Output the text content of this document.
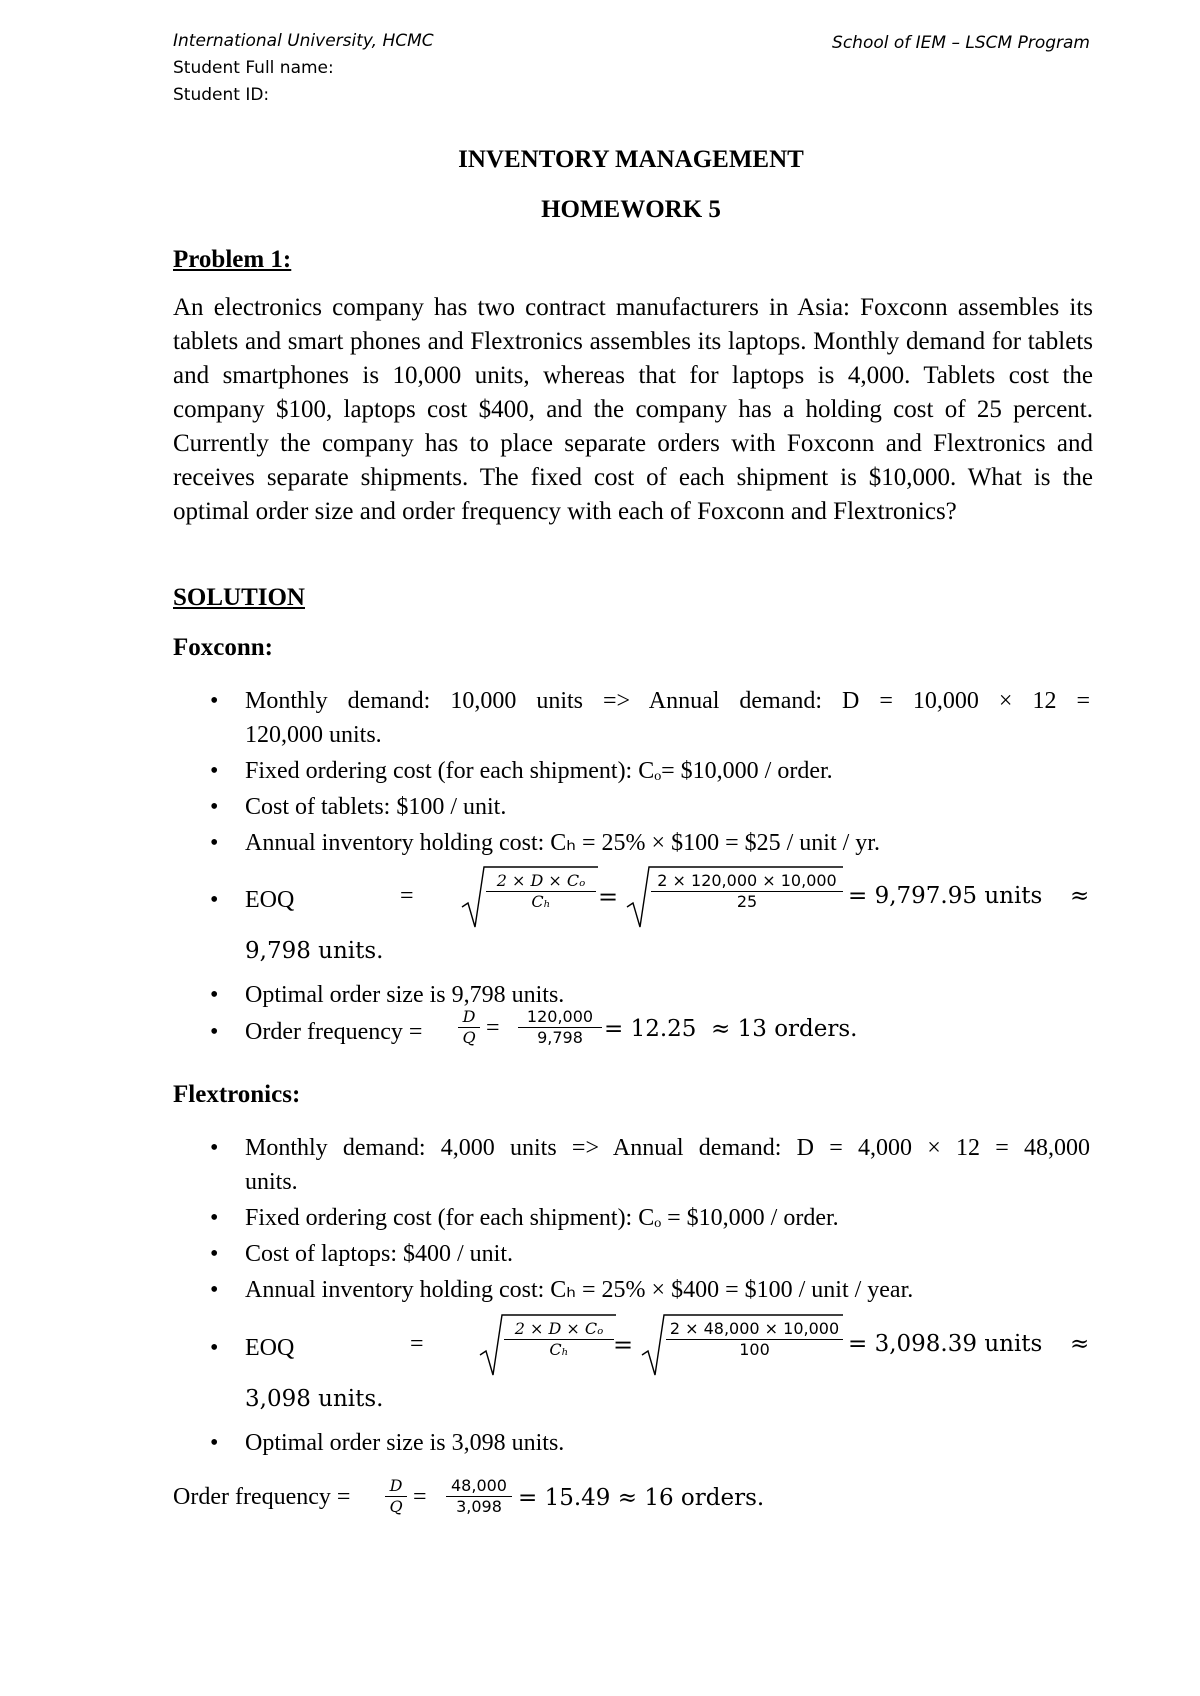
International University, HCMC	School of IEM – LSCM Program
Student Full name:
Student ID:
INVENTORY MANAGEMENT
HOMEWORK 5
Problem 1:

An electronics company has two contract manufacturers in Asia: Foxconn assembles its tablets and smart phones and Flextronics assembles its laptops. Monthly demand for tablets and smartphones is 10,000 units, whereas that for laptops is 4,000. Tablets cost the company $100, laptops cost $400, and the company has a holding cost of 25 percent. Currently the company has to place separate orders with Foxconn and Flextronics and receives separate shipments. The fixed cost of each shipment is $10,000. What is the optimal order size and order frequency with each of Foxconn and Flextronics?

SOLUTION
Foxconn:
•	Monthly demand: 10,000 units => Annual demand: D = 10,000 × 12 =
120,000 units.
•	Fixed ordering cost (for each shipment): Cₒ= $10,000 / order.
•	Cost of tablets: $100 / unit.
•	Annual inventory holding cost: Cₕ = 25% × $100 = $25 / unit / yr.
•	EOQ	=	$\frac{\text{2 × D × Cₒ}}{\text{Cₕ}} = \frac{2 \times 120,000 \times 10,000}{25} = 9,797.95$ units ≈
9,798 units.
•	Optimal order size is 9,798 units.
•	Order frequency = $\frac{D}{Q} = \frac{120,000}{9,798} = 12.25 \approx 13$ orders.
Flextronics:
•	Monthly demand: 4,000 units => Annual demand: D = 4,000 × 12 = 48,000
units.
•	Fixed ordering cost (for each shipment): Cₒ = $10,000 / order.
•	Cost of laptops: $400 / unit.
•	Annual inventory holding cost: Cₕ = 25% × $400 = $100 / unit / year.
•	EOQ	=	$\frac{\text{2 × D × Cₒ}}{\text{Cₕ}} = \frac{2 \times 48,000 \times 10,000}{100} = 3,098.39$ units ≈
3,098 units.
•	Optimal order size is 3,098 units.
Order frequency = $\frac{D}{Q} = \frac{48,000}{3,098} = 15.49 \approx 16$ orders.
